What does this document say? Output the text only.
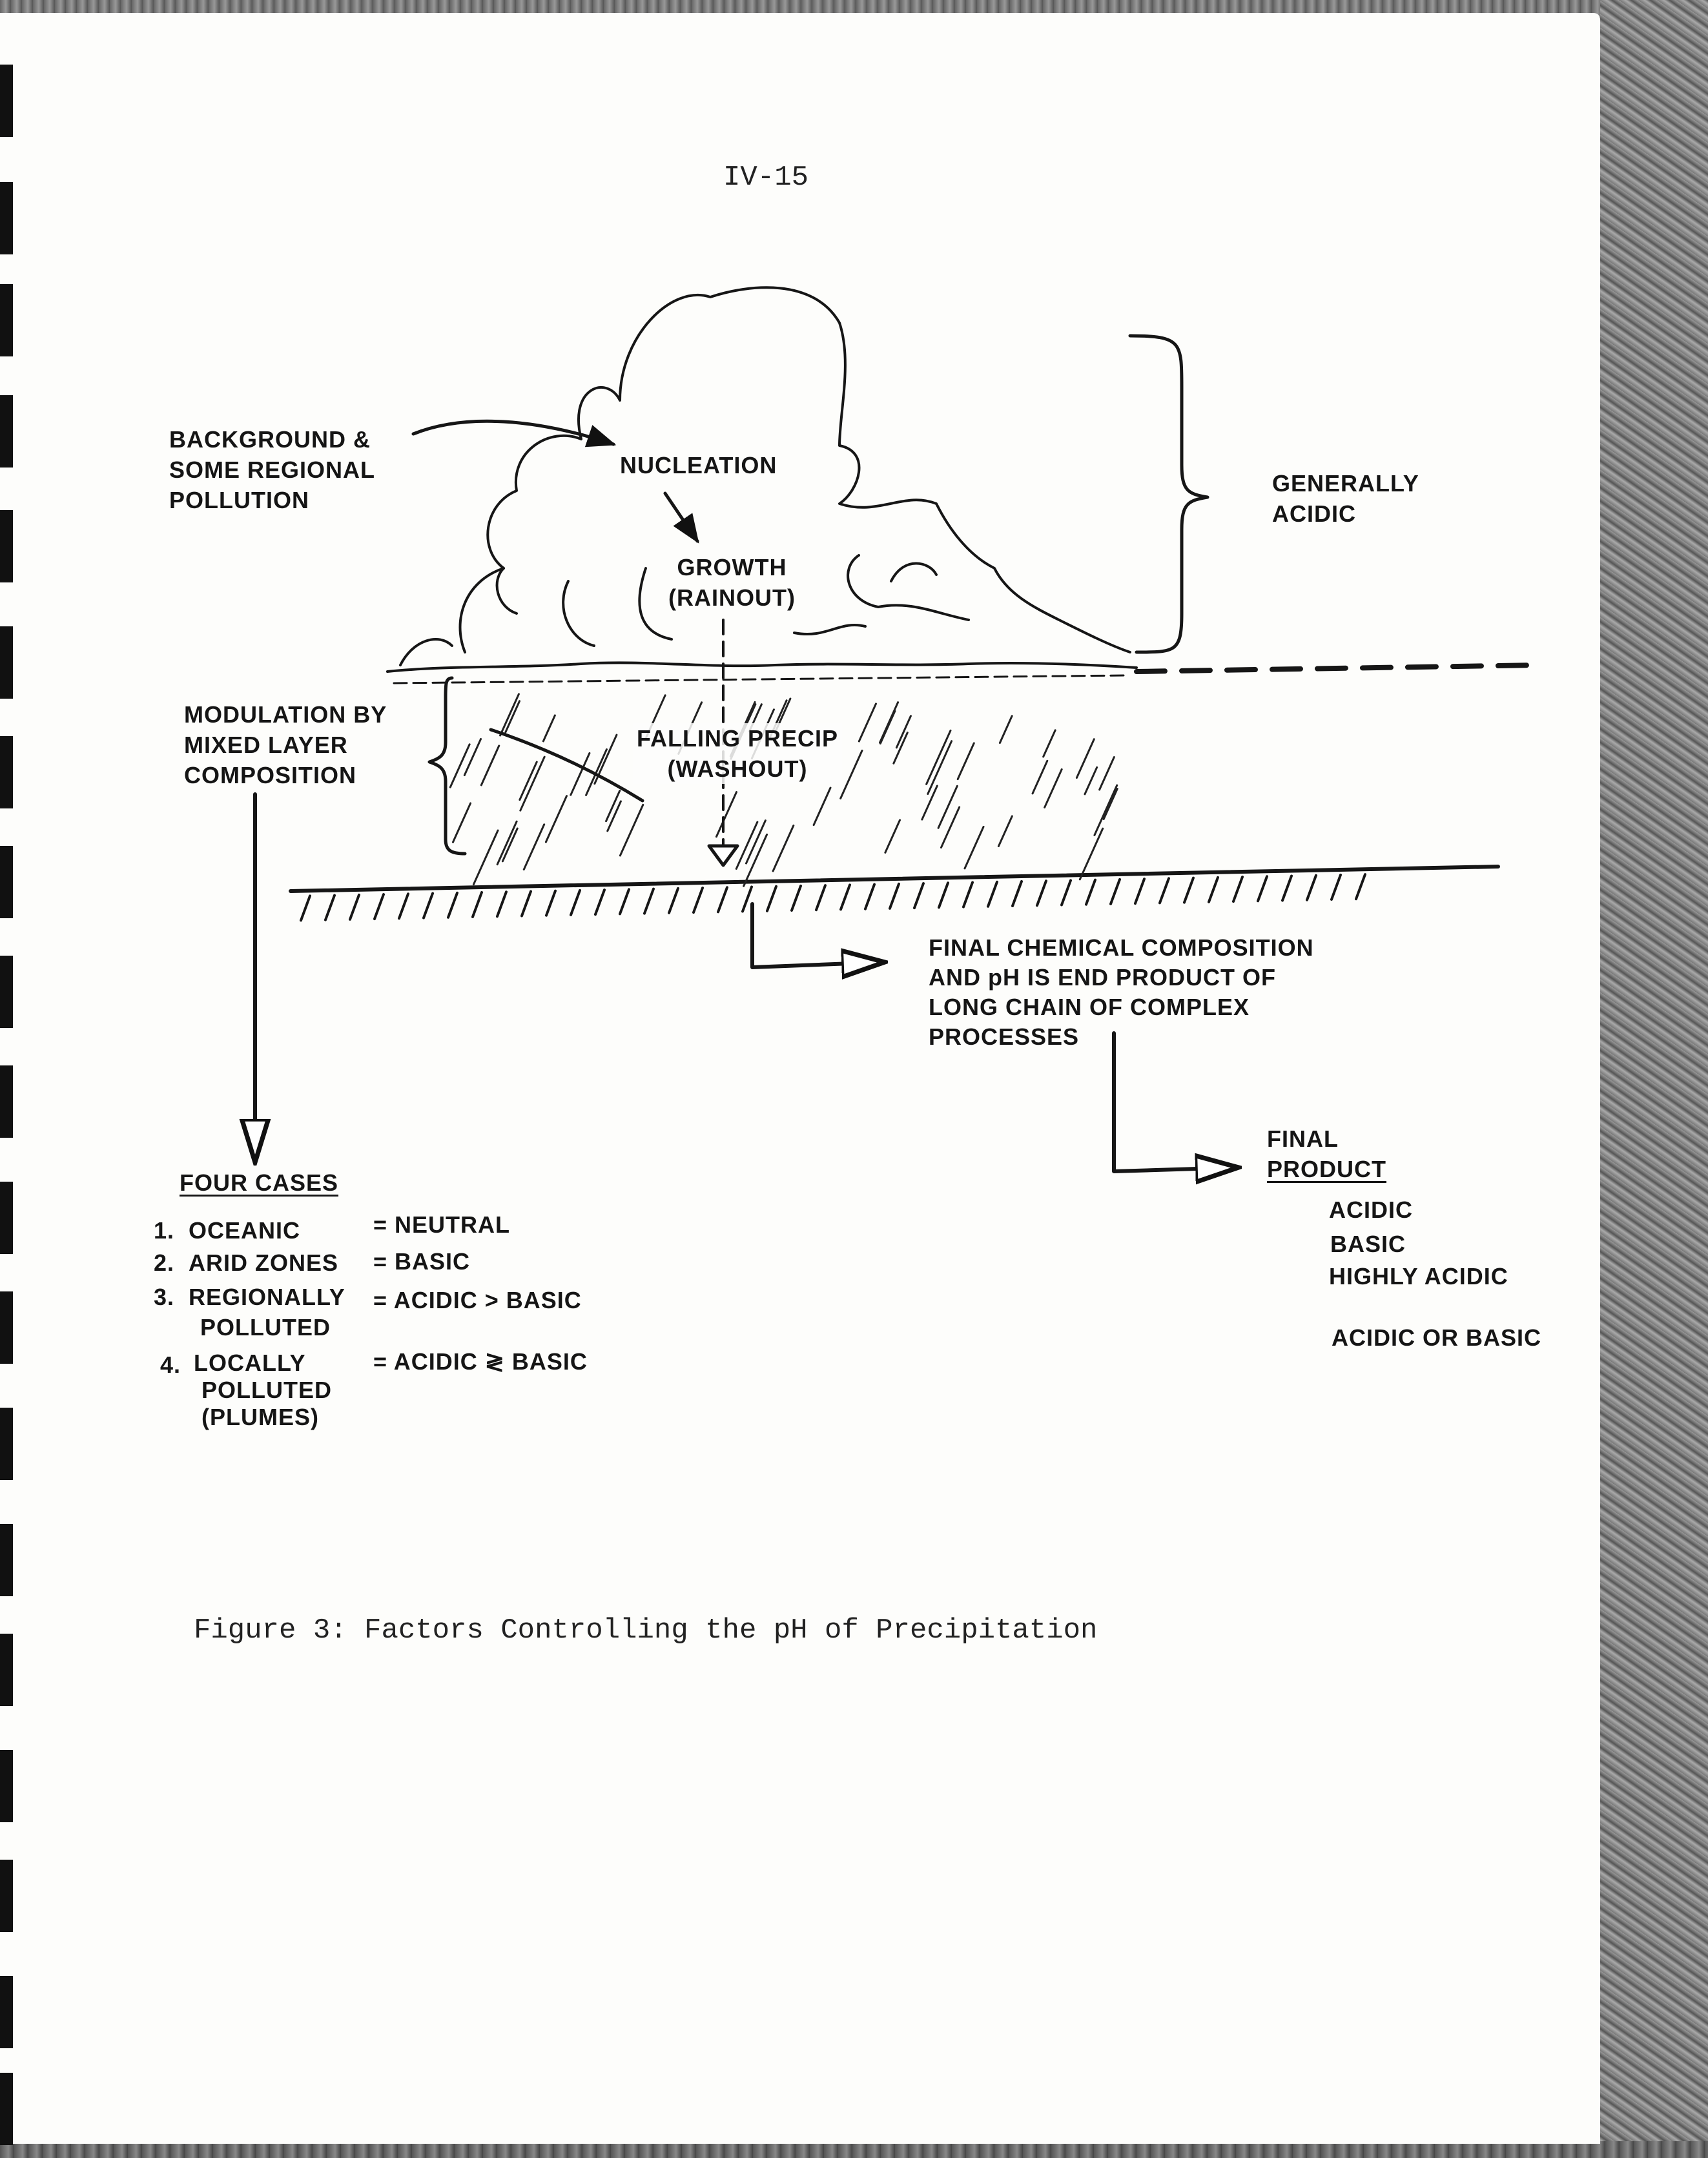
IV-15
BACKGROUND &
SOME REGIONAL
POLLUTION
NUCLEATION
GROWTH
(RAINOUT)
GENERALLY
ACIDIC
MODULATION BY
MIXED LAYER
COMPOSITION
FALLING PRECIP
(WASHOUT)
FINAL CHEMICAL COMPOSITION
AND pH IS END PRODUCT OF
LONG CHAIN OF COMPLEX
PROCESSES
FOUR CASES
FINAL
PRODUCT
1. OCEANIC	= NEUTRAL
ACIDIC
2. ARID ZONES = BASIC
BASIC
3. REGIONALLY
POLLUTED
= ACIDIC > BASIC
HIGHLY ACIDIC
4. LOCALLY
POLLUTED
(PLUMES)
= ACIDIC ≷ BASIC
ACIDIC OR BASIC
Figure 3: Factors Controlling the pH of Precipitation
